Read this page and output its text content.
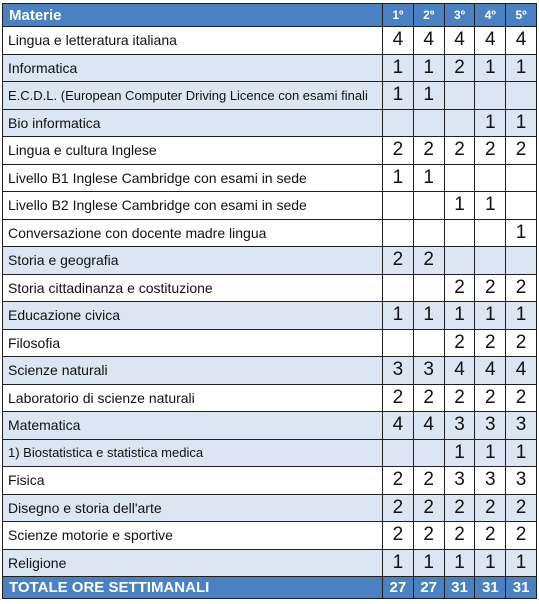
Materie	1º	2º	3º	4º	5º
Lingua e letteratura italiana	4	4	4	4	4
Informatica	1	1	2	1	1
E.C.D.L. (European Computer Driving Licence con esami finali	1	1			
Bio informatica				1	1
Lingua e cultura Inglese	2	2	2	2	2
Livello B1 Inglese Cambridge con esami in sede	1	1			
Livello B2 Inglese Cambridge con esami in sede			1	1	
Conversazione con docente madre lingua					1
Storia e geografia	2	2			
Storia cittadinanza e costituzione			2	2	2
Educazione civica	1	1	1	1	1
Filosofia			2	2	2
Scienze naturali	3	3	4	4	4
Laboratorio di scienze naturali	2	2	2	2	2
Matematica	4	4	3	3	3
1) Biostatistica e statistica medica			1	1	1
Fisica	2	2	3	3	3
Disegno e storia dell'arte	2	2	2	2	2
Scienze motorie e sportive	2	2	2	2	2
Religione	1	1	1	1	1
TOTALE ORE SETTIMANALI	27	27	31	31	31
